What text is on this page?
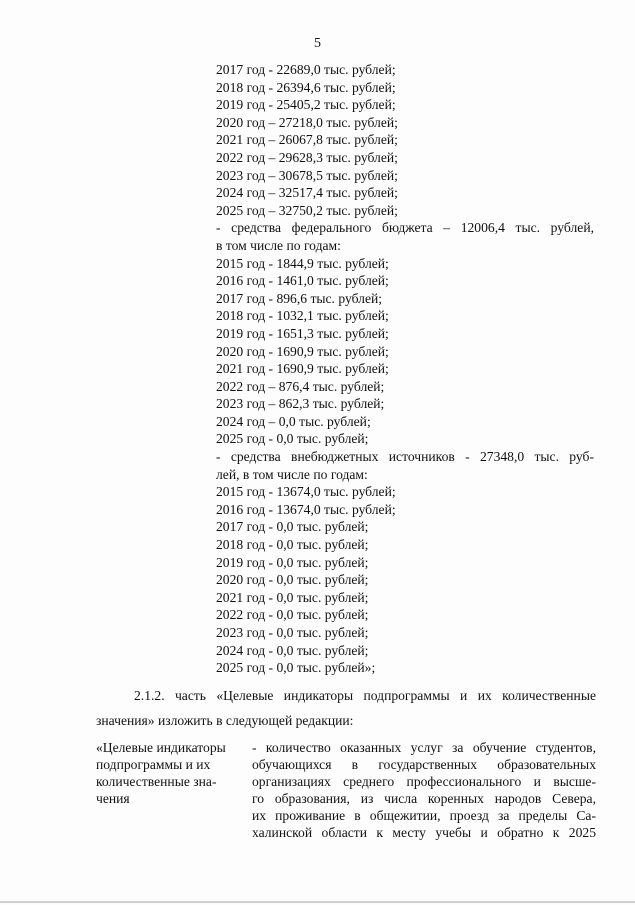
5
2017 год - 22689,0 тыс. рублей;
2018 год - 26394,6 тыс. рублей;
2019 год - 25405,2 тыс. рублей;
2020 год – 27218,0 тыс. рублей;
2021 год – 26067,8 тыс. рублей;
2022 год – 29628,3 тыс. рублей;
2023 год – 30678,5 тыс. рублей;
2024 год – 32517,4 тыс. рублей;
2025 год – 32750,2 тыс. рублей;
- средства федерального бюджета – 12006,4 тыс. рублей,
в том числе по годам:
2015 год - 1844,9 тыс. рублей;
2016 год - 1461,0 тыс. рублей;
2017 год - 896,6 тыс. рублей;
2018 год - 1032,1 тыс. рублей;
2019 год - 1651,3 тыс. рублей;
2020 год - 1690,9 тыс. рублей;
2021 год - 1690,9 тыс. рублей;
2022 год – 876,4 тыс. рублей;
2023 год – 862,3 тыс. рублей;
2024 год – 0,0 тыс. рублей;
2025 год - 0,0 тыс. рублей;
- средства внебюджетных источников - 27348,0 тыс. руб-
лей, в том числе по годам:
2015 год - 13674,0 тыс. рублей;
2016 год - 13674,0 тыс. рублей;
2017 год - 0,0 тыс. рублей;
2018 год - 0,0 тыс. рублей;
2019 год - 0,0 тыс. рублей;
2020 год - 0,0 тыс. рублей;
2021 год - 0,0 тыс. рублей;
2022 год - 0,0 тыс. рублей;
2023 год - 0,0 тыс. рублей;
2024 год - 0,0 тыс. рублей;
2025 год - 0,0 тыс. рублей»;
2.1.2. часть «Целевые индикаторы подпрограммы и их количественные
значения» изложить в следующей редакции:
«Целевые индикаторы
подпрограммы и их
количественные зна-
чения
- количество оказанных услуг за обучение студентов,
обучающихся в государственных образовательных
организациях среднего профессионального и высше-
го образования, из числа коренных народов Севера,
их проживание в общежитии, проезд за пределы Са-
халинской области к месту учебы и обратно к 2025
